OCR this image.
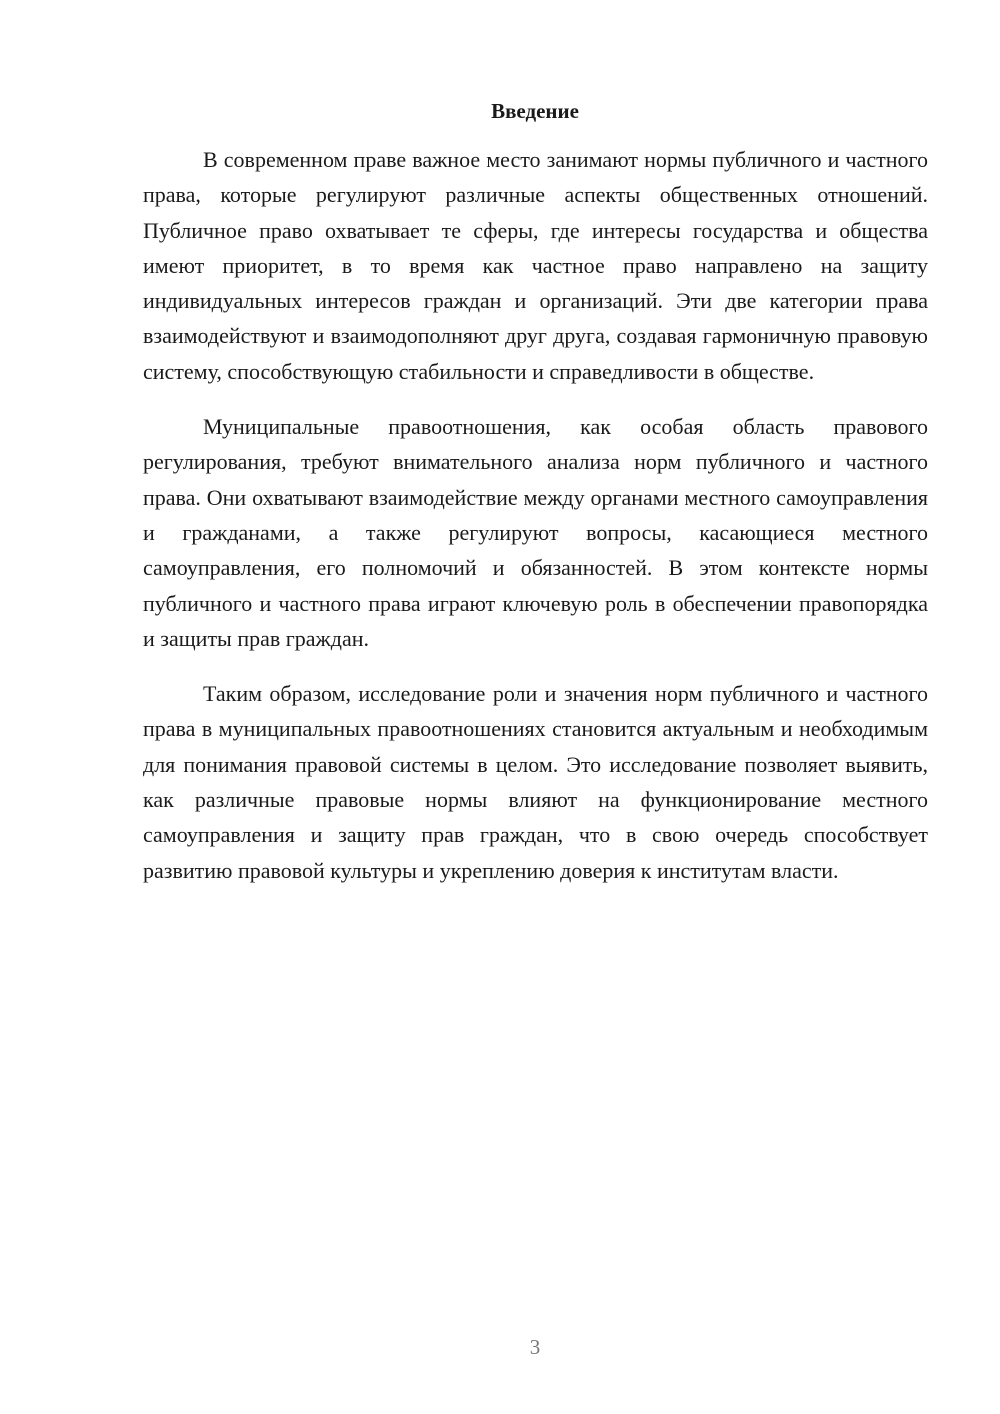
Введение

В современном праве важное место занимают нормы публичного и частного права, которые регулируют различные аспекты общественных отношений. Публичное право охватывает те сферы, где интересы государства и общества имеют приоритет, в то время как частное право направлено на защиту индивидуальных интересов граждан и организаций. Эти две категории права взаимодействуют и взаимодополняют друг друга, создавая гармоничную правовую систему, способствующую стабильности и справедливости в обществе.

Муниципальные правоотношения, как особая область правового регулирования, требуют внимательного анализа норм публичного и частного права. Они охватывают взаимодействие между органами местного самоуправления и гражданами, а также регулируют вопросы, касающиеся местного самоуправления, его полномочий и обязанностей. В этом контексте нормы публичного и частного права играют ключевую роль в обеспечении правопорядка и защиты прав граждан.

Таким образом, исследование роли и значения норм публичного и частного права в муниципальных правоотношениях становится актуальным и необходимым для понимания правовой системы в целом. Это исследование позволяет выявить, как различные правовые нормы влияют на функционирование местного самоуправления и защиту прав граждан, что в свою очередь способствует развитию правовой культуры и укреплению доверия к институтам власти.

3
